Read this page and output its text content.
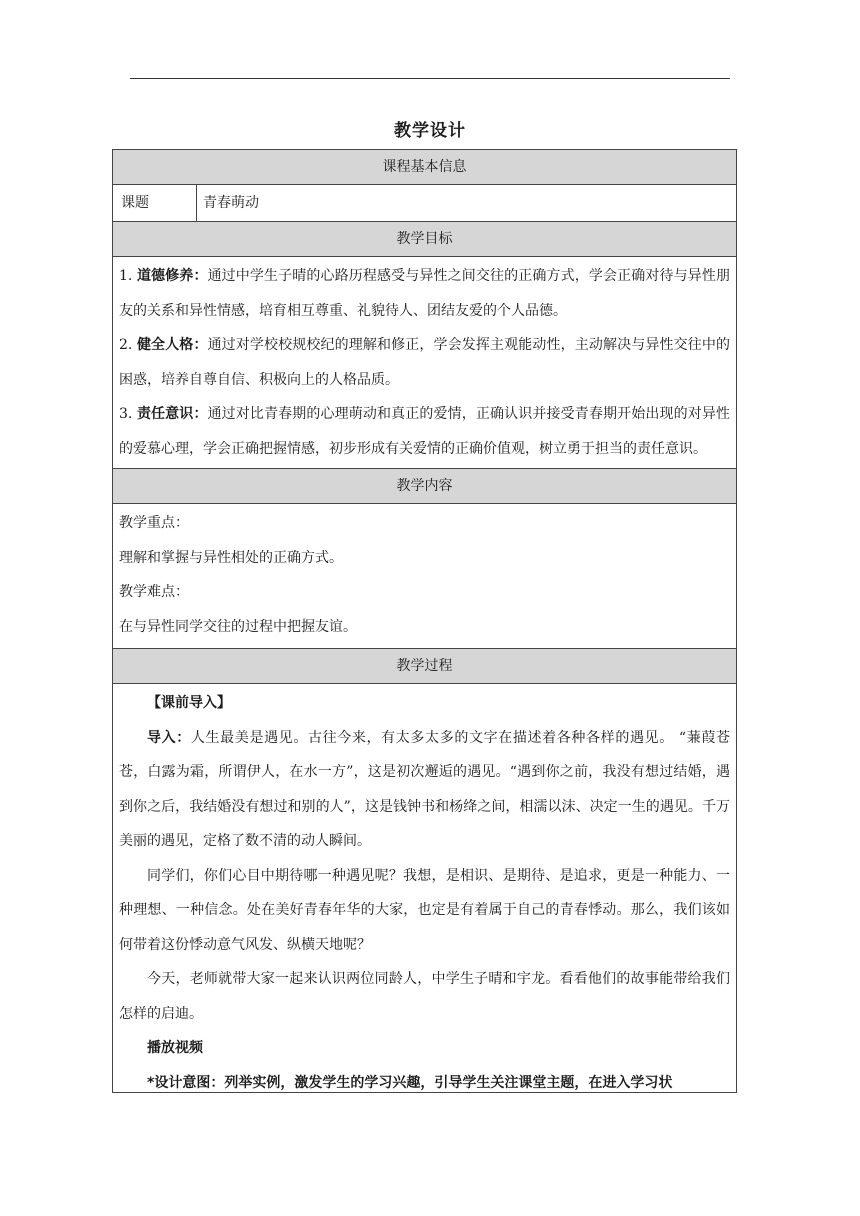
教学设计
课程基本信息
课题	青春萌动
教学目标

1. 道德修养：通过中学生子晴的心路历程感受与异性之间交往的正确方式，学会正确对待与异性朋友的关系和异性情感，培育相互尊重、礼貌待人、团结友爱的个人品德。

2. 健全人格：通过对学校校规校纪的理解和修正，学会发挥主观能动性，主动解决与异性交往中的困惑，培养自尊自信、积极向上的人格品质。

3. 责任意识：通过对比青春期的心理萌动和真正的爱情，正确认识并接受青春期开始出现的对异性的爱慕心理，学会正确把握情感，初步形成有关爱情的正确价值观，树立勇于担当的责任意识。

教学内容

教学重点：

理解和掌握与异性相处的正确方式。

教学难点：

在与异性同学交往的过程中把握友谊。

教学过程

【课前导入】

导入：人生最美是遇见。古往今来，有太多太多的文字在描述着各种各样的遇见。 “蒹葭苍苍，白露为霜，所谓伊人，在水一方”，这是初次邂逅的遇见。“遇到你之前，我没有想过结婚，遇到你之后，我结婚没有想过和别的人”，这是钱钟书和杨绛之间，相濡以沫、决定一生的遇见。千万美丽的遇见，定格了数不清的动人瞬间。

同学们，你们心目中期待哪一种遇见呢？我想，是相识、是期待、是追求，更是一种能力、一种理想、一种信念。处在美好青春年华的大家，也定是有着属于自己的青春悸动。那么，我们该如何带着这份悸动意气风发、纵横天地呢？

今天，老师就带大家一起来认识两位同龄人，中学生子晴和宇龙。看看他们的故事能带给我们怎样的启迪。

播放视频

*设计意图：列举实例，激发学生的学习兴趣，引导学生关注课堂主题，在进入学习状
